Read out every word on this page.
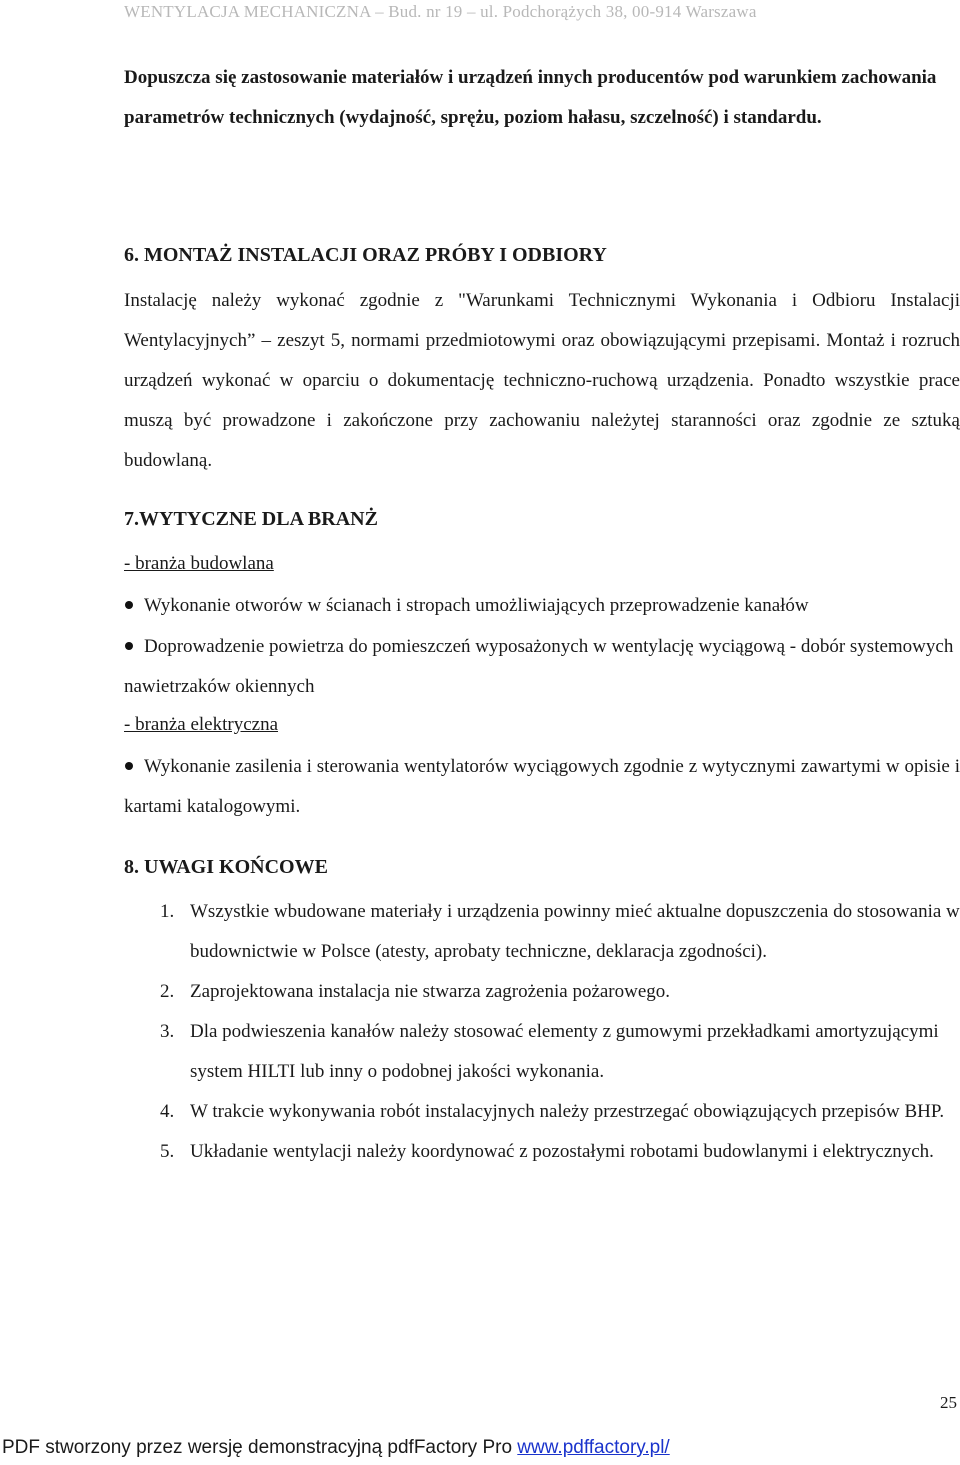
WENTYLACJA MECHANICZNA – Bud. nr 19 – ul. Podchorążych 38, 00-914 Warszawa

Dopuszcza się zastosowanie materiałów i urządzeń innych producentów pod warunkiem zachowania parametrów technicznych (wydajność, sprężu, poziom hałasu, szczelność) i standardu.

6. MONTAŻ INSTALACJI ORAZ PRÓBY I ODBIORY

Instalację należy wykonać zgodnie z "Warunkami Technicznymi Wykonania i Odbioru Instalacji Wentylacyjnych” – zeszyt 5, normami przedmiotowymi oraz obowiązującymi przepisami. Montaż i rozruch urządzeń wykonać w oparciu o dokumentację techniczno-ruchową urządzenia. Ponadto wszystkie prace muszą być prowadzone i zakończone przy zachowaniu należytej staranności oraz zgodnie ze sztuką budowlaną.

7.WYTYCZNE DLA BRANŻ
- branża budowlana
Wykonanie otworów w ścianach i stropach umożliwiających przeprowadzenie kanałów
Doprowadzenie powietrza do pomieszczeń wyposażonych w wentylację wyciągową - dobór systemowych nawietrzaków okiennych
- branża elektryczna
Wykonanie zasilenia i sterowania wentylatorów wyciągowych zgodnie z wytycznymi zawartymi w opisie i kartami katalogowymi.
8. UWAGI KOŃCOWE
1. Wszystkie wbudowane materiały i urządzenia powinny mieć aktualne dopuszczenia do stosowania w budownictwie w Polsce (atesty, aprobaty techniczne, deklaracja zgodności).
2. Zaprojektowana instalacja nie stwarza zagrożenia pożarowego.
3. Dla podwieszenia kanałów należy stosować elementy z gumowymi przekładkami amortyzującymi system HILTI lub inny o podobnej jakości wykonania.
4. W trakcie wykonywania robót instalacyjnych należy przestrzegać obowiązujących przepisów BHP.
5. Układanie wentylacji należy koordynować z pozostałymi robotami budowlanymi i elektrycznych.
25
PDF stworzony przez wersję demonstracyjną pdfFactory Pro www.pdffactory.pl/
